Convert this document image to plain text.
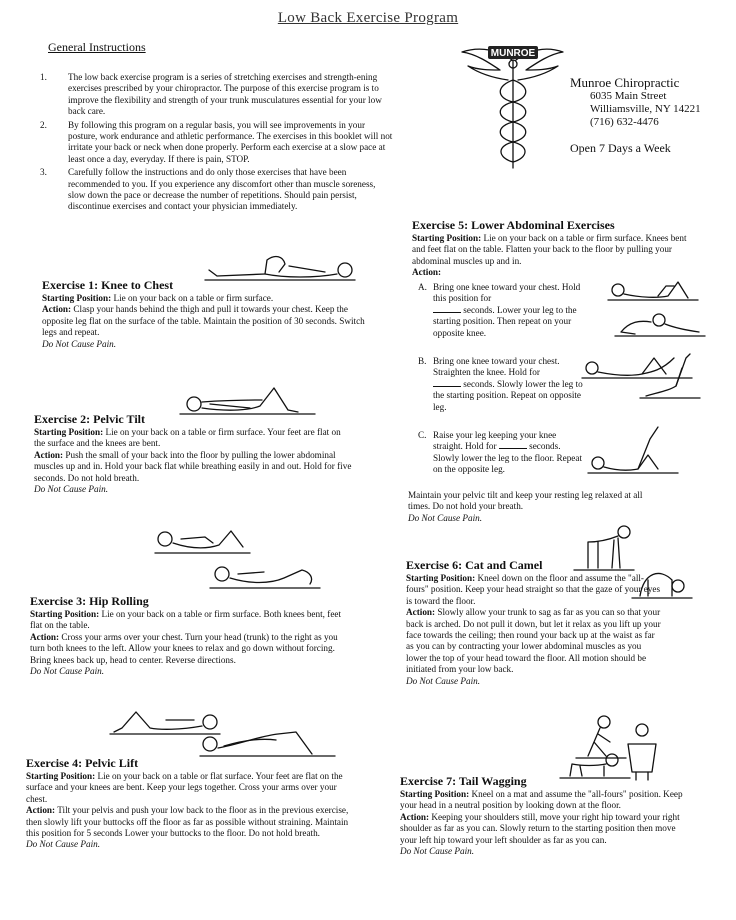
Low Back Exercise Program
General Instructions
1.	The low back exercise program is a series of stretching exercises and strength-ening exercises prescribed by your chiropractor. The purpose of this exercise program is to improve the flexibility and strength of your trunk musculatures essential for your low back care.
2.	By following this program on a regular basis, you will see improvements in your posture, work endurance and athletic performance. The exercises in this booklet will not irritate your back or neck when done properly. Perform each exercise at a slow pace at least once a day, everyday. If there is pain, STOP.
3.	Carefully follow the instructions and do only those exercises that have been recommended to you. If you experience any discomfort other than muscle soreness, slow down the pace or decrease the number of repetitions. Should pain persist, discontinue exercises and contact your physician immediately.
MUNROE
Munroe Chiropractic
6035 Main Street
Williamsville, NY 14221
(716) 632-4476
Open 7 Days a Week
Exercise 1: Knee to Chest
Starting Position: Lie on your back on a table or firm surface.
Action: Clasp your hands behind the thigh and pull it towards your chest. Keep the opposite leg flat on the surface of the table. Maintain the position of 30 seconds. Switch legs and repeat.
Do Not Cause Pain.
Exercise 2: Pelvic Tilt
Starting Position: Lie on your back on a table or firm surface. Your feet are flat on the surface and the knees are bent.
Action: Push the small of your back into the floor by pulling the lower abdominal muscles up and in. Hold your back flat while breathing easily in and out. Hold for five seconds. Do not hold breath.
Do Not Cause Pain.
Exercise 3: Hip Rolling
Starting Position: Lie on your back on a table or firm surface. Both knees bent, feet flat on the table.
Action: Cross your arms over your chest. Turn your head (trunk) to the right as you turn both knees to the left. Allow your knees to relax and go down without forcing. Bring knees back up, head to center. Reverse directions.
Do Not Cause Pain.
Exercise 4: Pelvic Lift
Starting Position: Lie on your back on a table or flat surface. Your feet are flat on the surface and your knees are bent. Keep your legs together. Cross your arms over your chest.
Action: Tilt your pelvis and push your low back to the floor as in the previous exercise, then slowly lift your buttocks off the floor as far as possible without straining. Maintain this position for 5 seconds Lower your buttocks to the floor. Do not hold breath.
Do Not Cause Pain.
Exercise 5: Lower Abdominal Exercises
Starting Position: Lie on your back on a table or firm surface. Knees bent and feet flat on the table. Flatten your back to the floor by pulling your abdominal muscles up and in.
Action:
A. Bring one knee toward your chest. Hold this position for
seconds. Lower your leg to the starting position. Then repeat on your opposite knee.
B. Bring one knee toward your chest. Straighten the knee. Hold for
seconds. Slowly lower the leg to the starting position. Repeat on opposite leg.
C. Raise your leg keeping your knee straight. Hold for	seconds. Slowly lower the leg to the floor. Repeat on the opposite leg.
Maintain your pelvic tilt and keep your resting leg relaxed at all times. Do not hold your breath.
Do Not Cause Pain.
Exercise 6: Cat and Camel
Starting Position: Kneel down on the floor and assume the "all-fours" position. Keep your head straight so that the gaze of your eyes is toward the floor.
Action: Slowly allow your trunk to sag as far as you can so that your back is arched. Do not pull it down, but let it relax as you lift up your face towards the ceiling; then round your back up at the waist as far as you can by contracting your lower abdominal muscles as you lower the top of your head toward the floor. All motion should be initiated from your low back.
Do Not Cause Pain.
Exercise 7: Tail Wagging
Starting Position: Kneel on a mat and assume the "all-fours" position. Keep your head in a neutral position by looking down at the floor.
Action: Keeping your shoulders still, move your right hip toward your right shoulder as far as you can. Slowly return to the starting position then move your left hip toward your left shoulder as far as you can.
Do Not Cause Pain.
